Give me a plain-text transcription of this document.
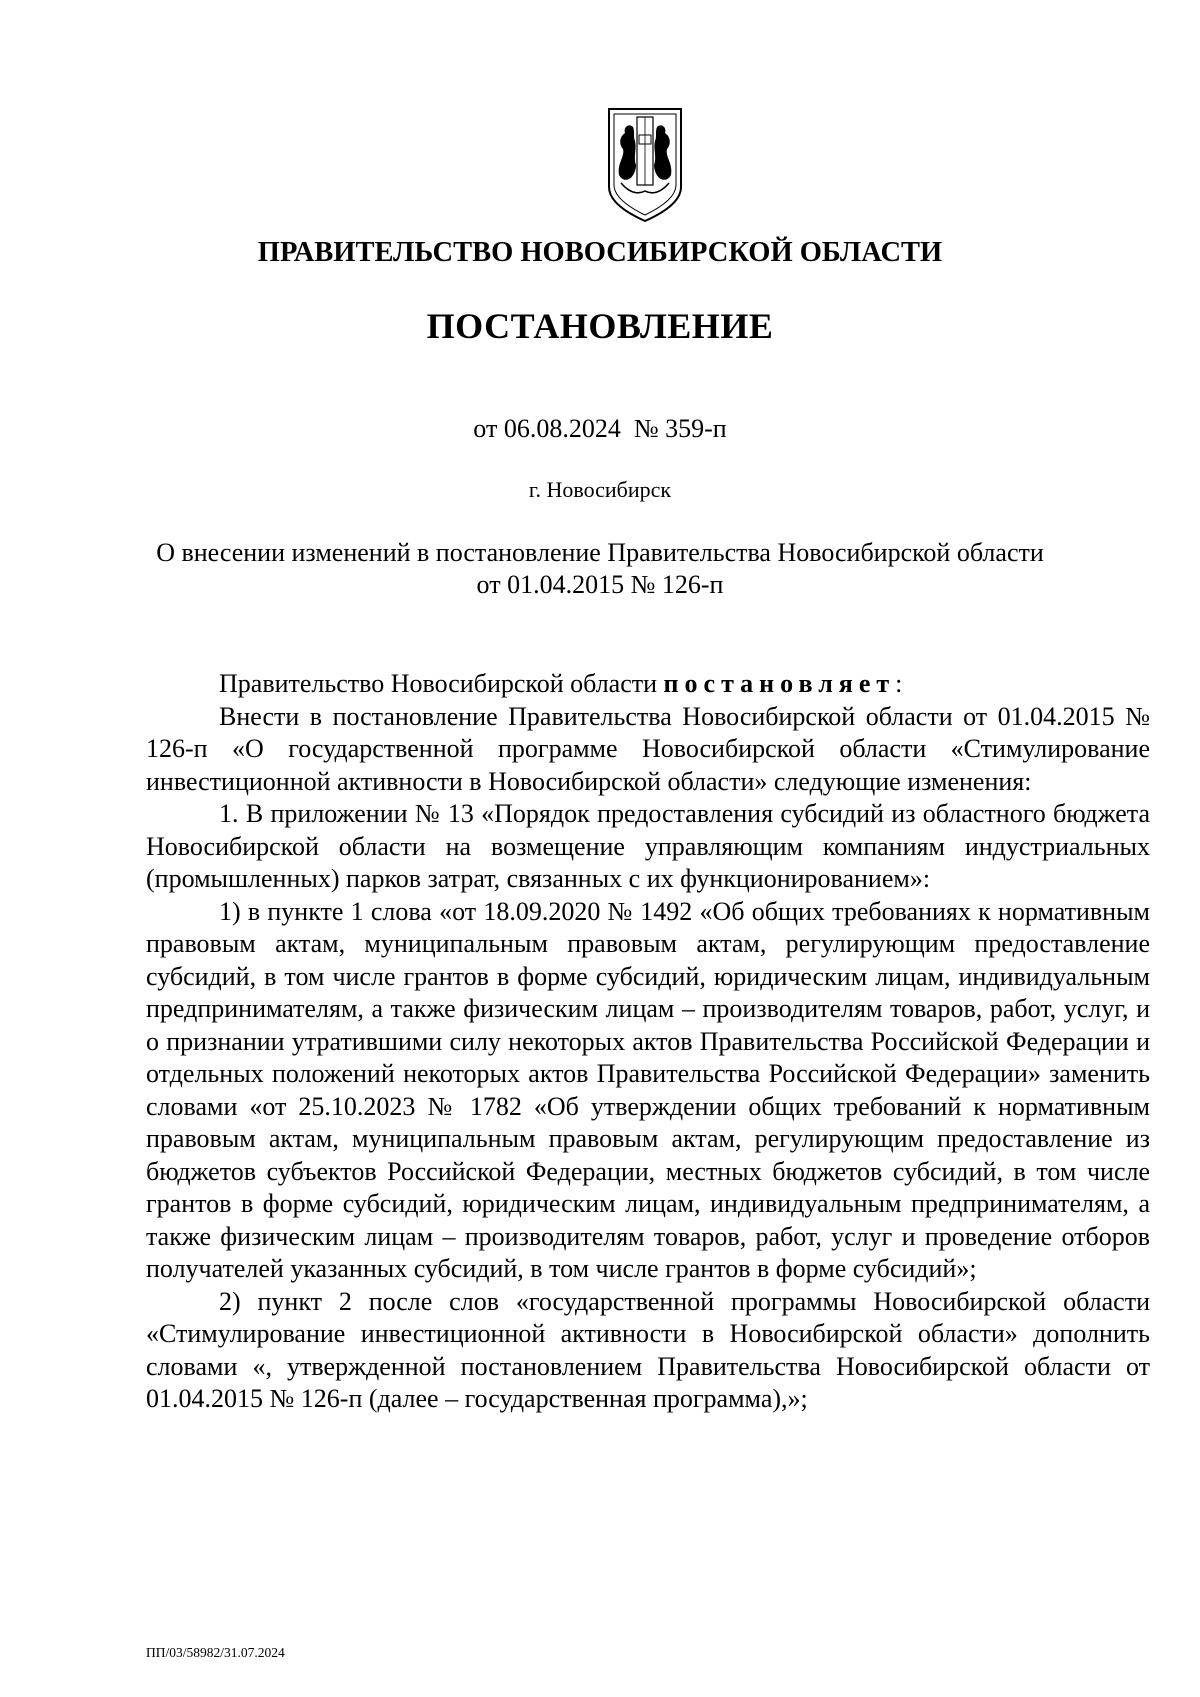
ПРАВИТЕЛЬСТВО НОВОСИБИРСКОЙ ОБЛАСТИ
ПОСТАНОВЛЕНИЕ
от 06.08.2024  № 359-п
г. Новосибирск
О внесении изменений в постановление Правительства Новосибирской области
от 01.04.2015 № 126-п

Правительство Новосибирской области постановляет:

Внести в постановление Правительства Новосибирской области от 01.04.2015 № 126-п «О государственной программе Новосибирской области «Стимулирование инвестиционной активности в Новосибирской области» следующие изменения:

1. В приложении № 13 «Порядок предоставления субсидий из областного бюджета Новосибирской области на возмещение управляющим компаниям индустриальных (промышленных) парков затрат, связанных с их функционированием»:

1) в пункте 1 слова «от 18.09.2020 № 1492 «Об общих требованиях к нормативным правовым актам, муниципальным правовым актам, регулирующим предоставление субсидий, в том числе грантов в форме субсидий, юридическим лицам, индивидуальным предпринимателям, а также физическим лицам – производителям товаров, работ, услуг, и о признании утратившими силу некоторых актов Правительства Российской Федерации и отдельных положений некоторых актов Правительства Российской Федерации» заменить словами «от 25.10.2023 № 1782 «Об утверждении общих требований к нормативным правовым актам, муниципальным правовым актам, регулирующим предоставление из бюджетов субъектов Российской Федерации, местных бюджетов субсидий, в том числе грантов в форме субсидий, юридическим лицам, индивидуальным предпринимателям, а также физическим лицам – производителям товаров, работ, услуг и проведение отборов получателей указанных субсидий, в том числе грантов в форме субсидий»;

2) пункт 2 после слов «государственной программы Новосибирской области «Стимулирование инвестиционной активности в Новосибирской области» дополнить словами «, утвержденной постановлением Правительства Новосибирской области от 01.04.2015 № 126-п (далее – государственная программа),»;

ПП/03/58982/31.07.2024
